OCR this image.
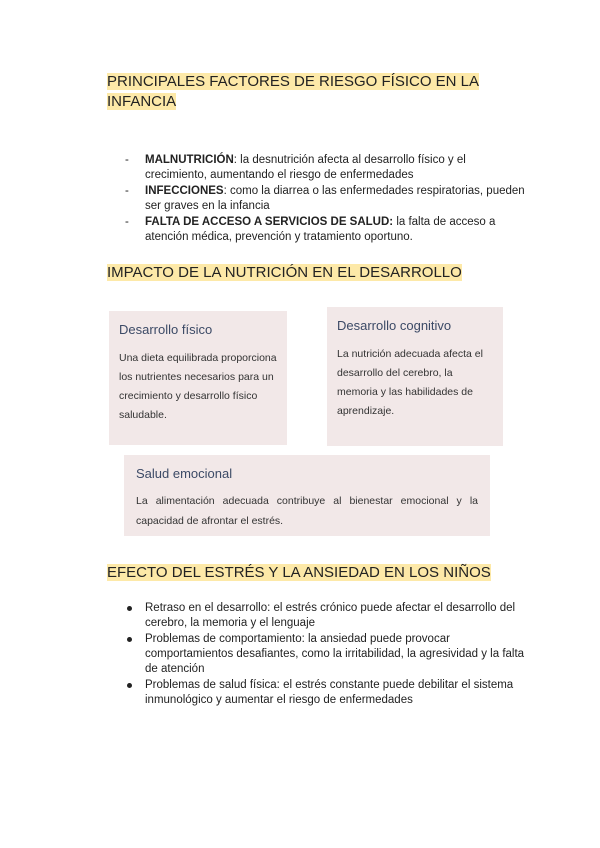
PRINCIPALES FACTORES DE RIESGO FÍSICO EN LA INFANCIA
- MALNUTRICIÓN: la desnutrición afecta al desarrollo físico y el crecimiento, aumentando el riesgo de enfermedades
- INFECCIONES: como la diarrea o las enfermedades respiratorias, pueden ser graves en la infancia
- FALTA DE ACCESO A SERVICIOS DE SALUD: la falta de acceso a atención médica, prevención y tratamiento oportuno.
IMPACTO DE LA NUTRICIÓN EN EL DESARROLLO

Desarrollo físico

Una dieta equilibrada proporciona los nutrientes necesarios para un crecimiento y desarrollo físico saludable.

Desarrollo cognitivo

La nutrición adecuada afecta el desarrollo del cerebro, la memoria y las habilidades de aprendizaje.

Salud emocional

La alimentación adecuada contribuye al bienestar emocional y la capacidad de afrontar el estrés.

EFECTO DEL ESTRÉS Y LA ANSIEDAD EN LOS NIÑOS
Retraso en el desarrollo: el estrés crónico puede afectar el desarrollo del cerebro, la memoria y el lenguaje
Problemas de comportamiento: la ansiedad puede provocar comportamientos desafiantes, como la irritabilidad, la agresividad y la falta de atención
Problemas de salud física: el estrés constante puede debilitar el sistema inmunológico y aumentar el riesgo de enfermedades
